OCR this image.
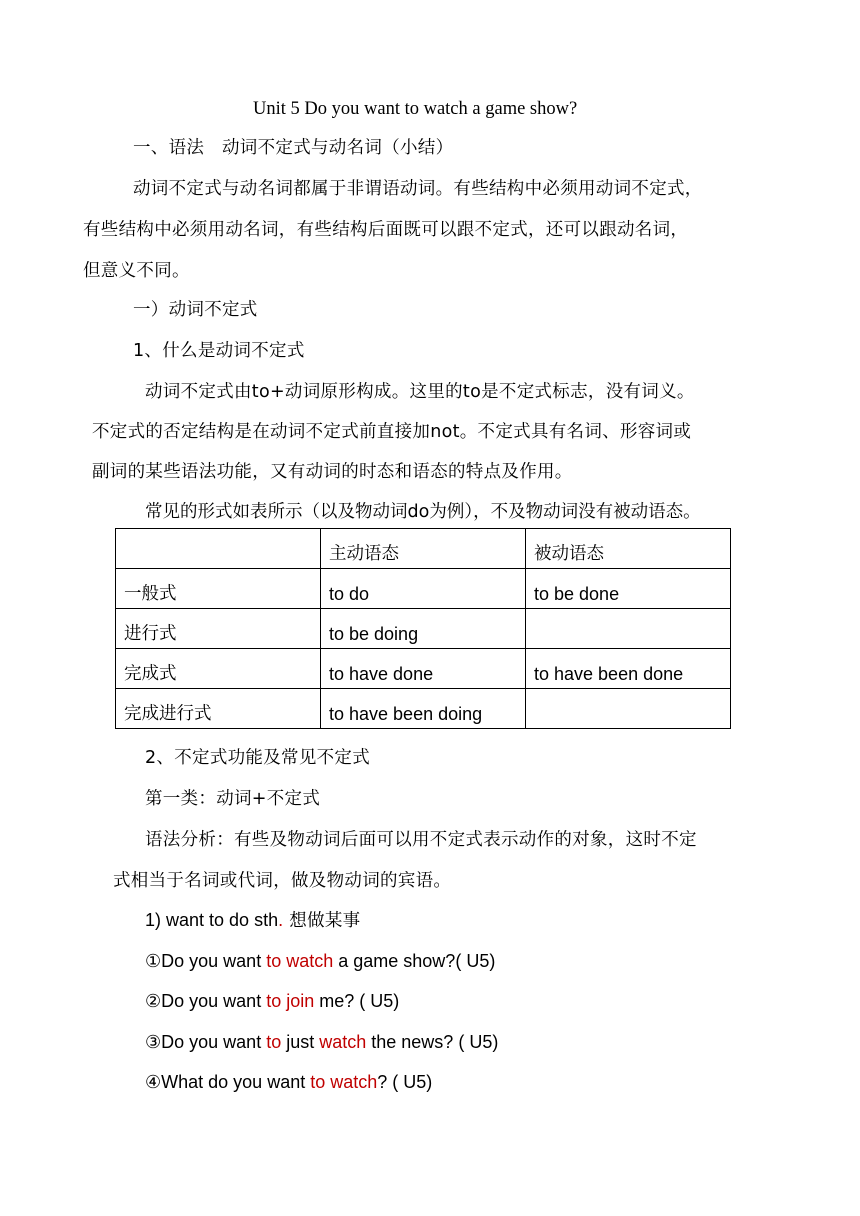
Unit 5 Do you want to watch a game show?
一、语法　动词不定式与动名词（小结）
动词不定式与动名词都属于非谓语动词。有些结构中必须用动词不定式，
有些结构中必须用动名词，有些结构后面既可以跟不定式，还可以跟动名词，
但意义不同。
一）动词不定式
1、什么是动词不定式
动词不定式由to+动词原形构成。这里的to是不定式标志，没有词义。
不定式的否定结构是在动词不定式前直接加not。不定式具有名词、形容词或
副词的某些语法功能，又有动词的时态和语态的特点及作用。
常见的形式如表所示（以及物动词do为例），不及物动词没有被动语态。
	主动语态	被动语态
一般式	to do	to be done
进行式	to be doing	
完成式	to have done	to have been done
完成进行式	to have been doing	
2、不定式功能及常见不定式
第一类：动词+不定式
语法分析：有些及物动词后面可以用不定式表示动作的对象，这时不定
式相当于名词或代词，做及物动词的宾语。
1) want to do sth. 想做某事
①Do you want to watch a game show?( U5)
②Do you want to join me? ( U5)
③Do you want to just watch the news? ( U5)
④What do you want to watch? ( U5)
